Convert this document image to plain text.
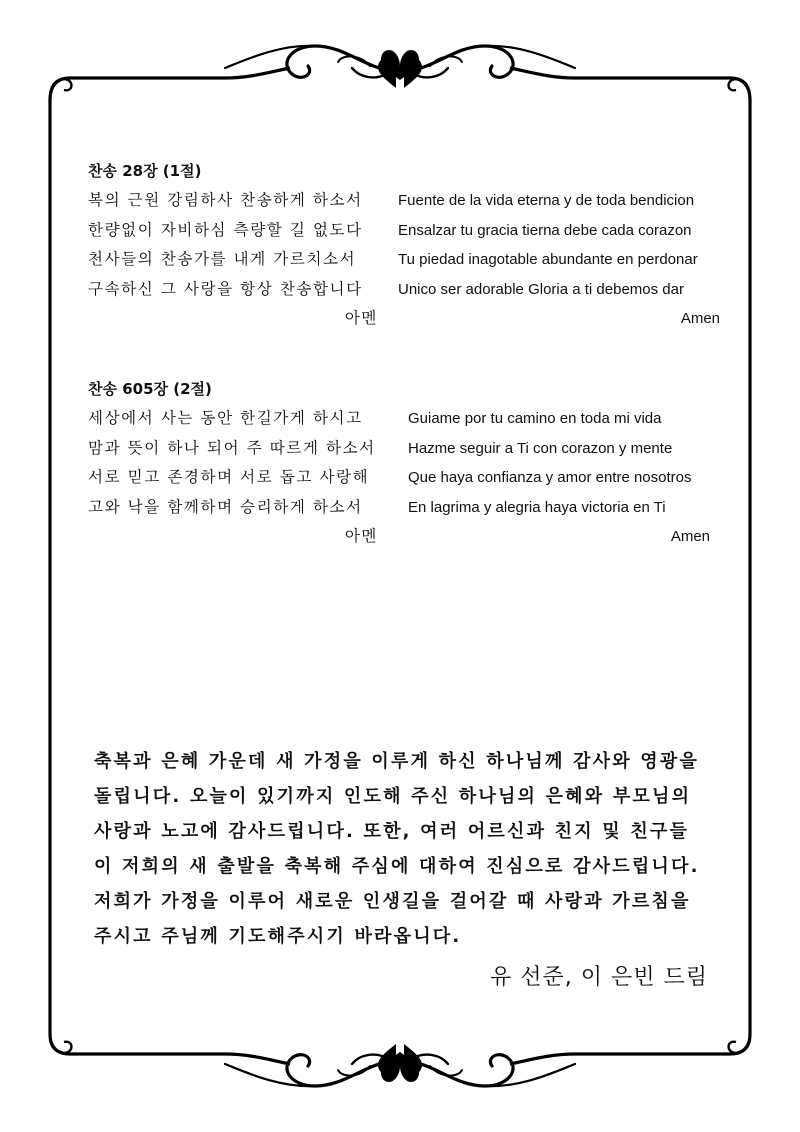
찬송 28장 (1절)
복의 근원 강림하사 찬송하게 하소서
한량없이 자비하심 측량할 길 없도다
천사들의 찬송가를 내게 가르치소서
구속하신 그 사랑을 항상 찬송합니다
아멘
Fuente de la vida eterna y de toda bendicion
Ensalzar tu gracia tierna debe cada corazon
Tu piedad inagotable abundante en perdonar
Unico ser adorable Gloria a ti debemos dar
Amen
찬송 605장 (2절)
세상에서 사는 동안 한길가게 하시고
맘과 뜻이 하나 되어 주 따르게 하소서
서로 믿고 존경하며 서로 돕고 사랑해
고와 낙을 함께하며 승리하게 하소서
아멘
Guiame por tu camino en toda mi vida
Hazme seguir a Ti con corazon y mente
Que haya confianza y amor entre nosotros
En lagrima y alegria haya victoria en Ti
Amen
축복과 은혜 가운데 새 가정을 이루게 하신 하나님께 감사와 영광을
돌립니다. 오늘이 있기까지 인도해 주신 하나님의 은혜와 부모님의
사랑과 노고에 감사드립니다. 또한, 여러 어르신과 친지 및 친구들
이 저희의 새 출발을 축복해 주심에 대하여 진심으로 감사드립니다.
저희가 가정을 이루어 새로운 인생길을 걸어갈 때 사랑과 가르침을
주시고 주님께 기도해주시기 바라옵니다.
유 선준, 이 은빈 드림
